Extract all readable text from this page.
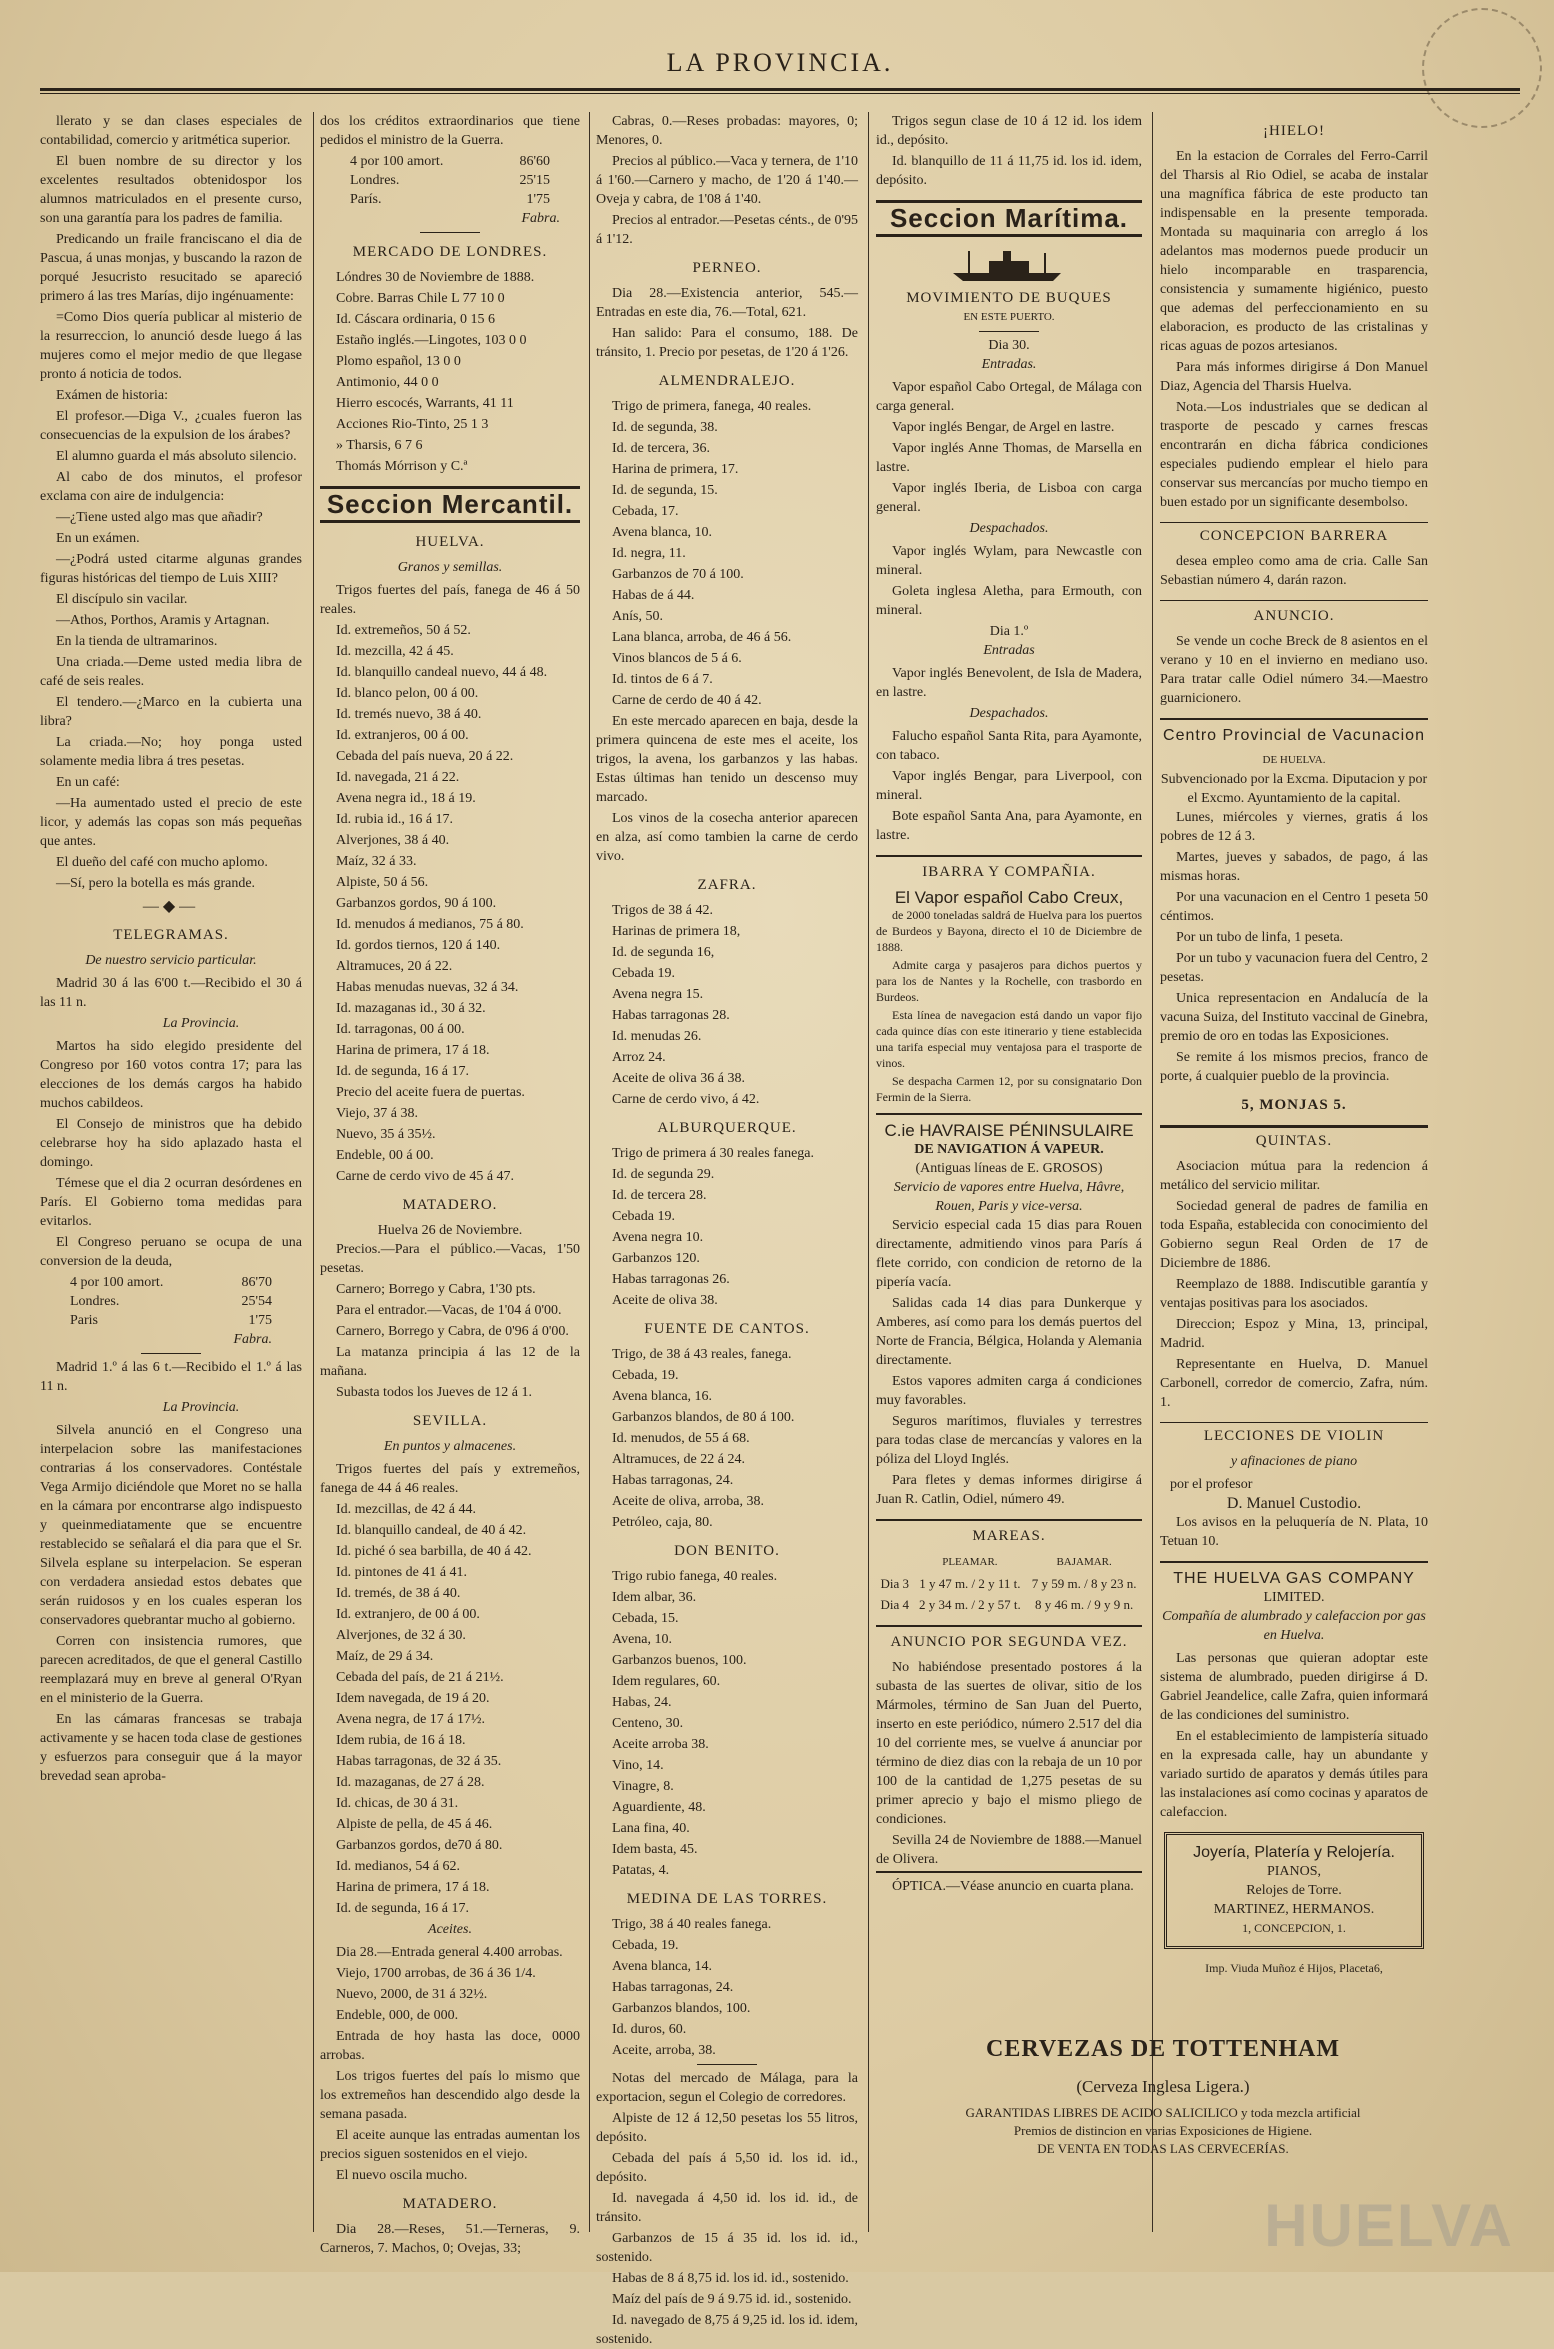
LA PROVINCIA.

llerato y se dan clases especiales de contabilidad, comercio y aritmética superior.

El buen nombre de su director y los excelentes resultados obtenidospor los alumnos matriculados en el presente curso, son una garantía para los padres de familia.

Predicando un fraile franciscano el dia de Pascua, á unas monjas, y buscando la razon de porqué Jesucristo resucitado se apareció primero á las tres Marías, dijo ingénuamente:

=Como Dios quería publicar al misterio de la resurreccion, lo anunció desde luego á las mujeres como el mejor medio de que llegase pronto á noticia de todos.

Exámen de historia:

El profesor.—Diga V., ¿cuales fueron las consecuencias de la expulsion de los árabes?

El alumno guarda el más absoluto silencio.

Al cabo de dos minutos, el profesor exclama con aire de indulgencia:

—¿Tiene usted algo mas que añadir?

En un exámen.

—¿Podrá usted citarme algunas grandes figuras históricas del tiempo de Luis XIII?

El discípulo sin vacilar.

—Athos, Porthos, Aramis y Artagnan.

En la tienda de ultramarinos.

Una criada.—Deme usted media libra de café de seis reales.

El tendero.—¿Marco en la cubierta una libra?

La criada.—No; hoy ponga usted solamente media libra á tres pesetas.

En un café:

—Ha aumentado usted el precio de este licor, y además las copas son más pequeñas que antes.

El dueño del café con mucho aplomo.

—Sí, pero la botella es más grande.

—◆—
TELEGRAMAS.
De nuestro servicio particular.

Madrid 30 á las 6'00 t.—Recibido el 30 á las 11 n.

La Provincia.

Martos ha sido elegido presidente del Congreso por 160 votos contra 17; para las elecciones de los demás cargos ha habido muchos cabildeos.

El Consejo de ministros que ha debido celebrarse hoy ha sido aplazado hasta el domingo.

Témese que el dia 2 ocurran desórdenes en París. El Gobierno toma medidas para evitarlos.

El Congreso peruano se ocupa de una conversion de la deuda,

4 por 100 amort.	86'70
Londres.	25'54
Paris	1'75
Fabra.

Madrid 1.º á las 6 t.—Recibido el 1.º á las 11 n.

La Provincia.

Silvela anunció en el Congreso una interpelacion sobre las manifestaciones contrarias á los conservadores. Contéstale Vega Armijo diciéndole que Moret no se halla en la cámara por encontrarse algo indispuesto y queinmediatamente que se encuentre restablecido se señalará el dia para que el Sr. Silvela esplane su interpelacion. Se esperan con verdadera ansiedad estos debates que serán ruidosos y en los cuales esperan los conservadores quebrantar mucho al gobierno.

Corren con insistencia rumores, que parecen acreditados, de que el general Castillo reemplazará muy en breve al general O'Ryan en el ministerio de la Guerra.

En las cámaras francesas se trabaja activamente y se hacen toda clase de gestiones y esfuerzos para conseguir que á la mayor brevedad sean aproba-

dos los créditos extraordinarios que tiene pedidos el ministro de la Guerra.

4 por 100 amort.	86'60
Londres.	25'15
París.	1'75
Fabra.
MERCADO DE LONDRES.

Lóndres 30 de Noviembre de 1888.

Cobre. Barras Chile L 77 10 0

Id. Cáscara ordinaria, 0 15 6

Estaño inglés.—Lingotes, 103 0 0

Plomo español, 13 0 0

Antimonio, 44 0 0

Hierro escocés, Warrants, 41 11

Acciones Rio-Tinto, 25 1 3

» Tharsis, 6 7 6

Thomás Mórrison y C.ª

Seccion Mercantil.
HUELVA.
Granos y semillas.

Trigos fuertes del país, fanega de 46 á 50 reales.

Id. extremeños, 50 á 52.

Id. mezcilla, 42 á 45.

Id. blanquillo candeal nuevo, 44 á 48.

Id. blanco pelon, 00 á 00.

Id. tremés nuevo, 38 á 40.

Id. extranjeros, 00 á 00.

Cebada del país nueva, 20 á 22.

Id. navegada, 21 á 22.

Avena negra id., 18 á 19.

Id. rubia id., 16 á 17.

Alverjones, 38 á 40.

Maíz, 32 á 33.

Alpiste, 50 á 56.

Garbanzos gordos, 90 á 100.

Id. menudos á medianos, 75 á 80.

Id. gordos tiernos, 120 á 140.

Altramuces, 20 á 22.

Habas menudas nuevas, 32 á 34.

Id. mazaganas id., 30 á 32.

Id. tarragonas, 00 á 00.

Harina de primera, 17 á 18.

Id. de segunda, 16 á 17.

Precio del aceite fuera de puertas.

Viejo, 37 á 38.

Nuevo, 35 á 35½.

Endeble, 00 á 00.

Carne de cerdo vivo de 45 á 47.

MATADERO.
Huelva 26 de Noviembre.

Precios.—Para el público.—Vacas, 1'50 pesetas.

Carnero; Borrego y Cabra, 1'30 pts.

Para el entrador.—Vacas, de 1'04 á 0'00.

Carnero, Borrego y Cabra, de 0'96 á 0'00.

La matanza principia á las 12 de la mañana.

Subasta todos los Jueves de 12 á 1.

SEVILLA.
En puntos y almacenes.

Trigos fuertes del país y extremeños, fanega de 44 á 46 reales.

Id. mezcillas, de 42 á 44.

Id. blanquillo candeal, de 40 á 42.

Id. piché ó sea barbilla, de 40 á 42.

Id. pintones de 41 á 41.

Id. tremés, de 38 á 40.

Id. extranjero, de 00 á 00.

Alverjones, de 32 á 30.

Maíz, de 29 á 34.

Cebada del país, de 21 á 21½.

Idem navegada, de 19 á 20.

Avena negra, de 17 á 17½.

Idem rubia, de 16 á 18.

Habas tarragonas, de 32 á 35.

Id. mazaganas, de 27 á 28.

Id. chicas, de 30 á 31.

Alpiste de pella, de 45 á 46.

Garbanzos gordos, de70 á 80.

Id. medianos, 54 á 62.

Harina de primera, 17 á 18.

Id. de segunda, 16 á 17.

Aceites.

Dia 28.—Entrada general 4.400 arrobas.

Viejo, 1700 arrobas, de 36 á 36 1/4.

Nuevo, 2000, de 31 á 32½.

Endeble, 000, de 000.

Entrada de hoy hasta las doce, 0000 arrobas.

Los trigos fuertes del país lo mismo que los extremeños han descendido algo desde la semana pasada.

El aceite aunque las entradas aumentan los precios siguen sostenidos en el viejo.

El nuevo oscila mucho.

MATADERO.

Dia 28.—Reses, 51.—Terneras, 9. Carneros, 7. Machos, 0; Ovejas, 33;

Cabras, 0.—Reses probadas: mayores, 0; Menores, 0.

Precios al público.—Vaca y ternera, de 1'10 á 1'60.—Carnero y macho, de 1'20 á 1'40.—Oveja y cabra, de 1'08 á 1'40.

Precios al entrador.—Pesetas cénts., de 0'95 á 1'12.

PERNEO.

Dia 28.—Existencia anterior, 545.—Entradas en este dia, 76.—Total, 621.

Han salido: Para el consumo, 188. De tránsito, 1. Precio por pesetas, de 1'20 á 1'26.

ALMENDRALEJO.

Trigo de primera, fanega, 40 reales.

Id. de segunda, 38.

Id. de tercera, 36.

Harina de primera, 17.

Id. de segunda, 15.

Cebada, 17.

Avena blanca, 10.

Id. negra, 11.

Garbanzos de 70 á 100.

Habas de á 44.

Anís, 50.

Lana blanca, arroba, de 46 á 56.

Vinos blancos de 5 á 6.

Id. tintos de 6 á 7.

Carne de cerdo de 40 á 42.

En este mercado aparecen en baja, desde la primera quincena de este mes el aceite, los trigos, la avena, los garbanzos y las habas. Estas últimas han tenido un descenso muy marcado.

Los vinos de la cosecha anterior aparecen en alza, así como tambien la carne de cerdo vivo.

ZAFRA.

Trigos de 38 á 42.

Harinas de primera 18,

Id. de segunda 16,

Cebada 19.

Avena negra 15.

Habas tarragonas 28.

Id. menudas 26.

Arroz 24.

Aceite de oliva 36 á 38.

Carne de cerdo vivo, á 42.

ALBURQUERQUE.

Trigo de primera á 30 reales fanega.

Id. de segunda 29.

Id. de tercera 28.

Cebada 19.

Avena negra 10.

Garbanzos 120.

Habas tarragonas 26.

Aceite de oliva 38.

FUENTE DE CANTOS.

Trigo, de 38 á 43 reales, fanega.

Cebada, 19.

Avena blanca, 16.

Garbanzos blandos, de 80 á 100.

Id. menudos, de 55 á 68.

Altramuces, de 22 á 24.

Habas tarragonas, 24.

Aceite de oliva, arroba, 38.

Petróleo, caja, 80.

DON BENITO.

Trigo rubio fanega, 40 reales.

Idem albar, 36.

Cebada, 15.

Avena, 10.

Garbanzos buenos, 100.

Idem regulares, 60.

Habas, 24.

Centeno, 30.

Aceite arroba 38.

Vino, 14.

Vinagre, 8.

Aguardiente, 48.

Lana fina, 40.

Idem basta, 45.

Patatas, 4.

MEDINA DE LAS TORRES.

Trigo, 38 á 40 reales fanega.

Cebada, 19.

Avena blanca, 14.

Habas tarragonas, 24.

Garbanzos blandos, 100.

Id. duros, 60.

Aceite, arroba, 38.

Notas del mercado de Málaga, para la exportacion, segun el Colegio de corredores.

Alpiste de 12 á 12,50 pesetas los 55 litros, depósito.

Cebada del país á 5,50 id. los id. id., depósito.

Id. navegada á 4,50 id. los id. id., de tránsito.

Garbanzos de 15 á 35 id. los id. id., sostenido.

Habas de 8 á 8,75 id. los id. id., sostenido.

Maíz del país de 9 á 9.75 id. id., sostenido.

Id. navegado de 8,75 á 9,25 id. los id. idem, sostenido.

Trigos segun clase de 10 á 12 id. los idem id., depósito.

Id. blanquillo de 11 á 11,75 id. los id. idem, depósito.

Seccion Marítima.
MOVIMIENTO DE BUQUES
EN ESTE PUERTO.
Dia 30.
Entradas.

Vapor español Cabo Ortegal, de Málaga con carga general.

Vapor inglés Bengar, de Argel en lastre.

Vapor inglés Anne Thomas, de Marsella en lastre.

Vapor inglés Iberia, de Lisboa con carga general.

Despachados.

Vapor inglés Wylam, para Newcastle con mineral.

Goleta inglesa Aletha, para Ermouth, con mineral.

Dia 1.º
Entradas

Vapor inglés Benevolent, de Isla de Madera, en lastre.

Despachados.

Falucho español Santa Rita, para Ayamonte, con tabaco.

Vapor inglés Bengar, para Liverpool, con mineral.

Bote español Santa Ana, para Ayamonte, en lastre.

IBARRA Y COMPAÑIA.
El Vapor español Cabo Creux,

de 2000 toneladas saldrá de Huelva para los puertos de Burdeos y Bayona, directo el 10 de Diciembre de 1888.

Admite carga y pasajeros para dichos puertos y para los de Nantes y la Rochelle, con trasbordo en Burdeos.

Esta línea de navegacion está dando un vapor fijo cada quince días con este itinerario y tiene establecida una tarifa especial muy ventajosa para el trasporte de vinos.

Se despacha Carmen 12, por su consignatario Don Fermin de la Sierra.

C.ie HAVRAISE PÉNINSULAIRE
DE NAVIGATION Á VAPEUR.
(Antiguas líneas de E. GROSOS)
Servicio de vapores entre Huelva, Hâvre, Rouen, Paris y vice-versa.

Servicio especial cada 15 dias para Rouen directamente, admitiendo vinos para París á flete corrido, con condicion de retorno de la pipería vacía.

Salidas cada 14 dias para Dunkerque y Amberes, así como para los demás puertos del Norte de Francia, Bélgica, Holanda y Alemania directamente.

Estos vapores admiten carga á condiciones muy favorables.

Seguros marítimos, fluviales y terrestres para todas clase de mercancías y valores en la póliza del Lloyd Inglés.

Para fletes y demas informes dirigirse á Juan R. Catlin, Odiel, número 49.

MAREAS.
	PLEAMAR.	BAJAMAR.
Dia 3	1 y 47 m. / 2 y 11 t.	7 y 59 m. / 8 y 23 n.
Dia 4	2 y 34 m. / 2 y 57 t.	8 y 46 m. / 9 y 9 n.
ANUNCIO POR SEGUNDA VEZ.

No habiéndose presentado postores á la subasta de las suertes de olivar, sitio de los Mármoles, término de San Juan del Puerto, inserto en este periódico, número 2.517 del dia 10 del corriente mes, se vuelve á anunciar por término de diez dias con la rebaja de un 10 por 100 de la cantidad de 1,275 pesetas de su primer aprecio y bajo el mismo pliego de condiciones.

Sevilla 24 de Noviembre de 1888.—Manuel de Olivera.

ÓPTICA.—Véase anuncio en cuarta plana.

¡HIELO!

En la estacion de Corrales del Ferro-Carril del Tharsis al Rio Odiel, se acaba de instalar una magnífica fábrica de este producto tan indispensable en la presente temporada. Montada su maquinaria con arreglo á los adelantos mas modernos puede producir un hielo incomparable en trasparencia, consistencia y sumamente higiénico, puesto que ademas del perfeccionamiento en su elaboracion, es producto de las cristalinas y ricas aguas de pozos artesianos.

Para más informes dirigirse á Don Manuel Diaz, Agencia del Tharsis Huelva.

Nota.—Los industriales que se dedican al trasporte de pescado y carnes frescas encontrarán en dicha fábrica condiciones especiales pudiendo emplear el hielo para conservar sus mercancías por mucho tiempo en buen estado por un significante desembolso.

CONCEPCION BARRERA

desea empleo como ama de cria. Calle San Sebastian número 4, darán razon.

ANUNCIO.

Se vende un coche Breck de 8 asientos en el verano y 10 en el invierno en mediano uso. Para tratar calle Odiel número 34.—Maestro guarnicionero.

Centro Provincial de Vacunacion
DE HUELVA.
Subvencionado por la Excma. Diputacion y por el Excmo. Ayuntamiento de la capital.

Lunes, miércoles y viernes, gratis á los pobres de 12 á 3.

Martes, jueves y sabados, de pago, á las mismas horas.

Por una vacunacion en el Centro 1 peseta 50 céntimos.

Por un tubo de linfa, 1 peseta.

Por un tubo y vacunacion fuera del Centro, 2 pesetas.

Unica representacion en Andalucía de la vacuna Suiza, del Instituto vaccinal de Ginebra, premio de oro en todas las Exposiciones.

Se remite á los mismos precios, franco de porte, á cualquier pueblo de la provincia.

5, MONJAS 5.
QUINTAS.

Asociacion mútua para la redencion á metálico del servicio militar.

Sociedad general de padres de familia en toda España, establecida con conocimiento del Gobierno segun Real Orden de 17 de Diciembre de 1886.

Reemplazo de 1888. Indiscutible garantía y ventajas positivas para los asociados.

Direccion; Espoz y Mina, 13, principal, Madrid.

Representante en Huelva, D. Manuel Carbonell, corredor de comercio, Zafra, núm. 1.

LECCIONES DE VIOLIN
y afinaciones de piano
por el profesor
D. Manuel Custodio.

Los avisos en la peluquería de N. Plata, 10 Tetuan 10.

THE HUELVA GAS COMPANY
LIMITED.
Compañía de alumbrado y calefaccion por gas en Huelva.

Las personas que quieran adoptar este sistema de alumbrado, pueden dirigirse á D. Gabriel Jeandelice, calle Zafra, quien informará de las condiciones del suministro.

En el establecimiento de lampistería situado en la expresada calle, hay un abundante y variado surtido de aparatos y demás útiles para las instalaciones así como cocinas y aparatos de calefaccion.

Joyería, Platería y Relojería.
PIANOS,
Relojes de Torre.
MARTINEZ, HERMANOS.
1, CONCEPCION, 1.
Imp. Viuda Muñoz é Hijos, Placeta6,
CERVEZAS DE TOTTENHAM
(Cerveza Inglesa Ligera.)
GARANTIDAS LIBRES DE ACIDO SALICILICO y toda mezcla artificial
Premios de distincion en varias Exposiciones de Higiene.
DE VENTA EN TODAS LAS CERVECERÍAS.
HUELVA
